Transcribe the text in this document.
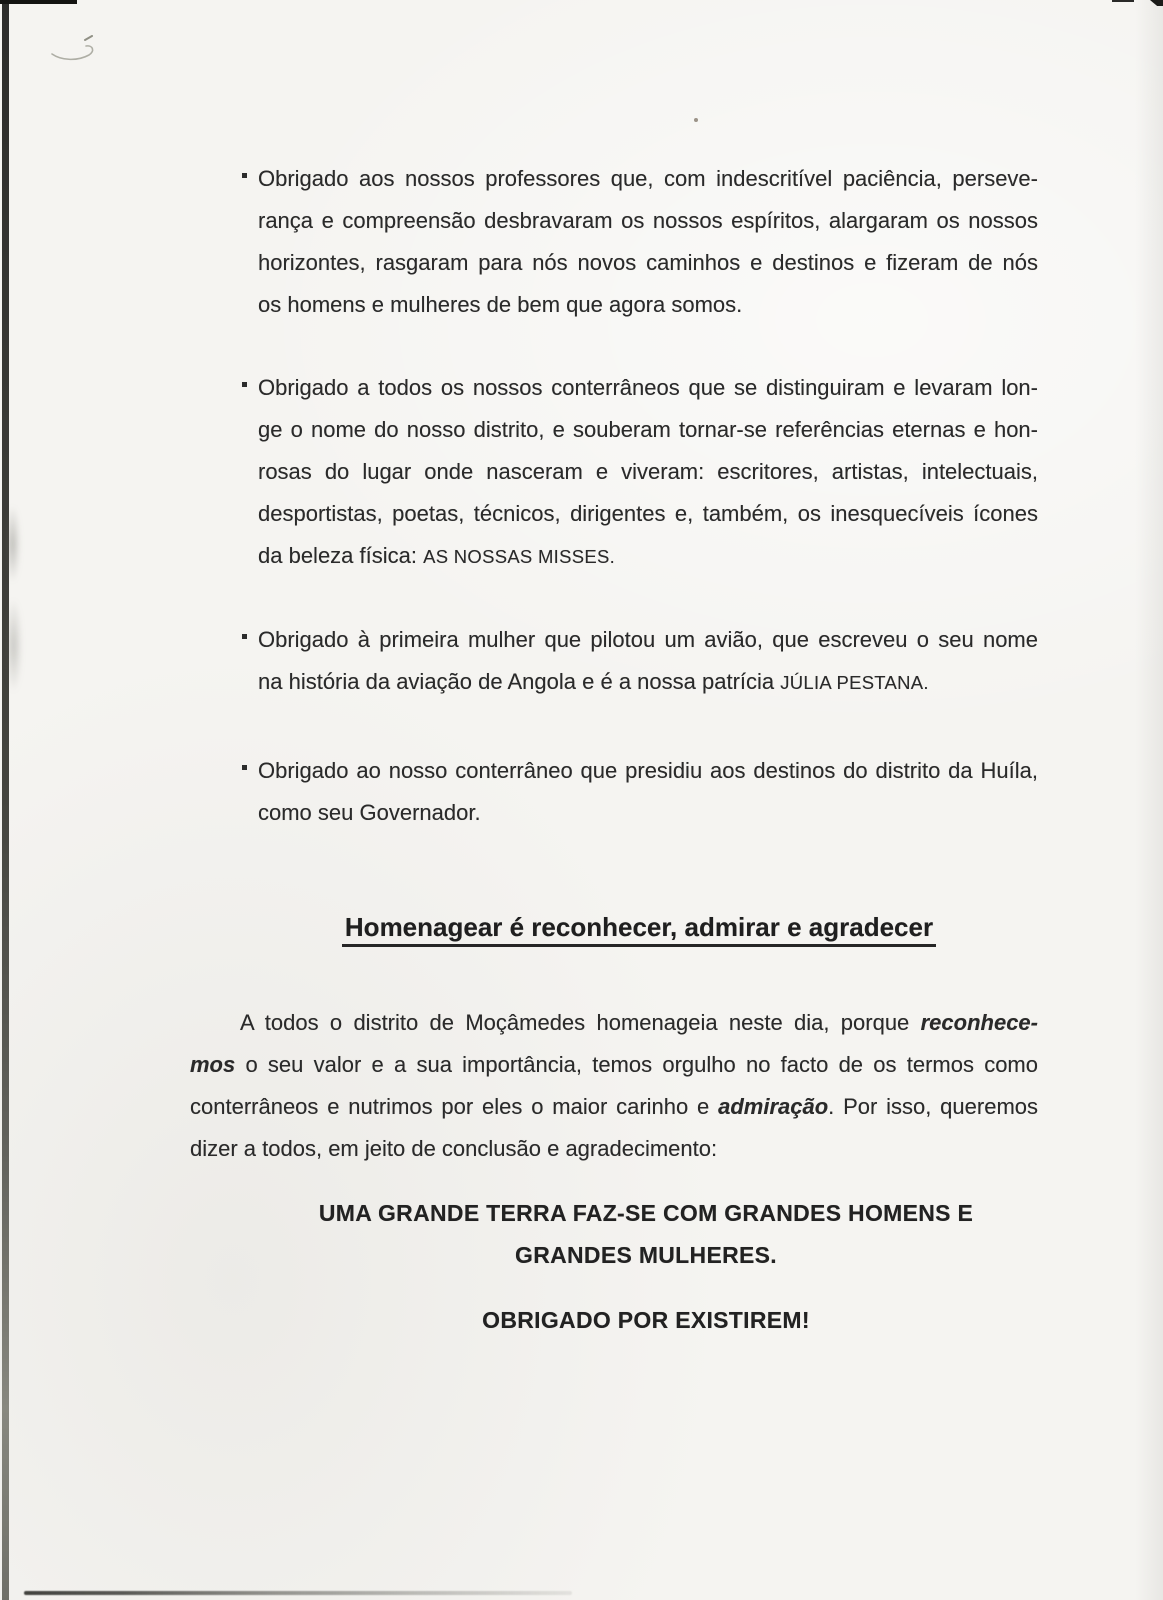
Obrigado aos nossos professores que, com indescritível paciência, perseve-
rança e compreensão desbravaram os nossos espíritos, alargaram os nossos
horizontes, rasgaram para nós novos caminhos e destinos e fizeram de nós
os homens e mulheres de bem que agora somos.
Obrigado a todos os nossos conterrâneos que se distinguiram e levaram lon-
ge o nome do nosso distrito, e souberam tornar-se referências eternas e hon-
rosas do lugar onde nasceram e viveram: escritores, artistas, intelectuais,
desportistas, poetas, técnicos, dirigentes e, também, os inesquecíveis ícones
da beleza física: AS NOSSAS MISSES.
Obrigado à primeira mulher que pilotou um avião, que escreveu o seu nome
na história da aviação de Angola e é a nossa patrícia JÚLIA PESTANA.
Obrigado ao nosso conterrâneo que presidiu aos destinos do distrito da Huíla,
como seu Governador.
Homenagear é reconhecer, admirar e agradecer
A todos o distrito de Moçâmedes homenageia neste dia, porque reconhece-
mos o seu valor e a sua importância, temos orgulho no facto de os termos como
conterrâneos e nutrimos por eles o maior carinho e admiração. Por isso, queremos
dizer a todos, em jeito de conclusão e agradecimento:
UMA GRANDE TERRA FAZ-SE COM GRANDES HOMENS E
GRANDES MULHERES.
OBRIGADO POR EXISTIREM!
